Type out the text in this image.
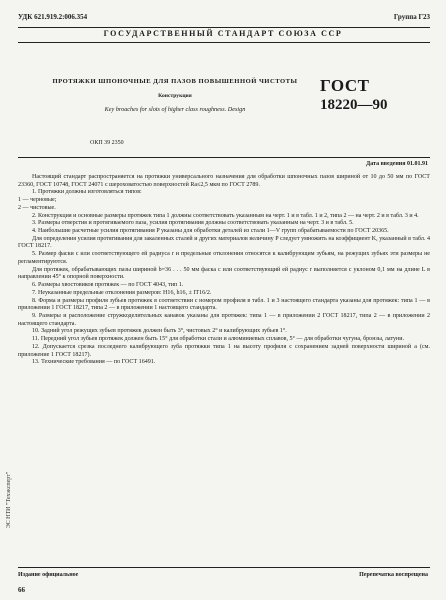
УДК 621.919.2:006.354	Группа Г23
ГОСУДАРСТВЕННЫЙ СТАНДАРТ СОЮЗА ССР
ПРОТЯЖКИ ШПОНОЧНЫЕ ДЛЯ ПАЗОВ ПОВЫШЕННОЙ ЧИСТОТЫ
Конструкция
Key broaches for slots of higher class roughness. Design
ГОСТ
18220—90
ОКП 39 2350
Дата введения 01.01.91

Настоящий стандарт распространяется на протяжки универсального назначения для обработки шпоночных пазов шириной от 10 до 50 мм по ГОСТ 23360, ГОСТ 10748, ГОСТ 24071 с шероховатостью поверхностей Ra≤2,5 мкм по ГОСТ 2789.

1. Протяжки должны изготовляться типов:

1 — черновые;

2 — чистовые.

2. Конструкция и основные размеры протяжек типа 1 должны соответствовать указанным на черт. 1 и в табл. 1 и 2, типа 2 — на черт. 2 и в табл. 3 и 4.

3. Размеры отверстия и протягиваемого паза, усилия протягивания должны соответствовать указанным на черт. 3 и в табл. 5.

4. Наибольшие расчетные усилия протягивания P указаны для обработки деталей из стали 1—V групп обрабатываемости по ГОСТ 20365.

Для определения усилия протягивания для закаленных сталей и других материалов величину P следует умножить на коэффициент K, указанный в табл. 4 ГОСТ 18217.

5. Размер фаски c или соответствующего ей радиуса r и предельные отклонения относятся к калибрующим зубьям, на режущих зубьях эти размеры не регламентируются.

Для протяжек, обрабатывающих пазы шириной b=36 . . . 50 мм фаска c или соответствующий ей радиус r выполняется с уклоном 0,1 мм на длине L в направлении 45° к опорной поверхности.

6. Размеры хвостовиков протяжек — по ГОСТ 4043, тип 1.

7. Неуказанные предельные отклонения размеров: H16, h16, ± IT16/2.

8. Форма и размеры профиля зубьев протяжек в соответствии с номером профиля в табл. 1 и 3 настоящего стандарта указаны для протяжек: типа 1 — в приложении 1 ГОСТ 18217, типа 2 — в приложении 1 настоящего стандарта.

9. Размеры и расположение стружкоделительных канавок указаны для протяжек: типа 1 — в приложении 2 ГОСТ 18217, типа 2 — в приложении 2 настоящего стандарта.

10. Задний угол режущих зубьев протяжек должен быть 3°, чистовых 2° и калибрующих зубьев 1°.

11. Передний угол зубьев протяжек должен быть 15° для обработки стали и алюминиевых сплавов, 5° — для обработки чугуна, бронзы, латуни.

12. Допускается срезка последнего калибрующего зуба протяжки типа 1 на высоту профиля с сохранением задней поверхности шириной a (см. приложение 1 ГОСТ 18217).

13. Технические требования — по ГОСТ 16491.

ЭС НТИ "Техэксперт"
Издание официальное	Перепечатка воспрещена
66
